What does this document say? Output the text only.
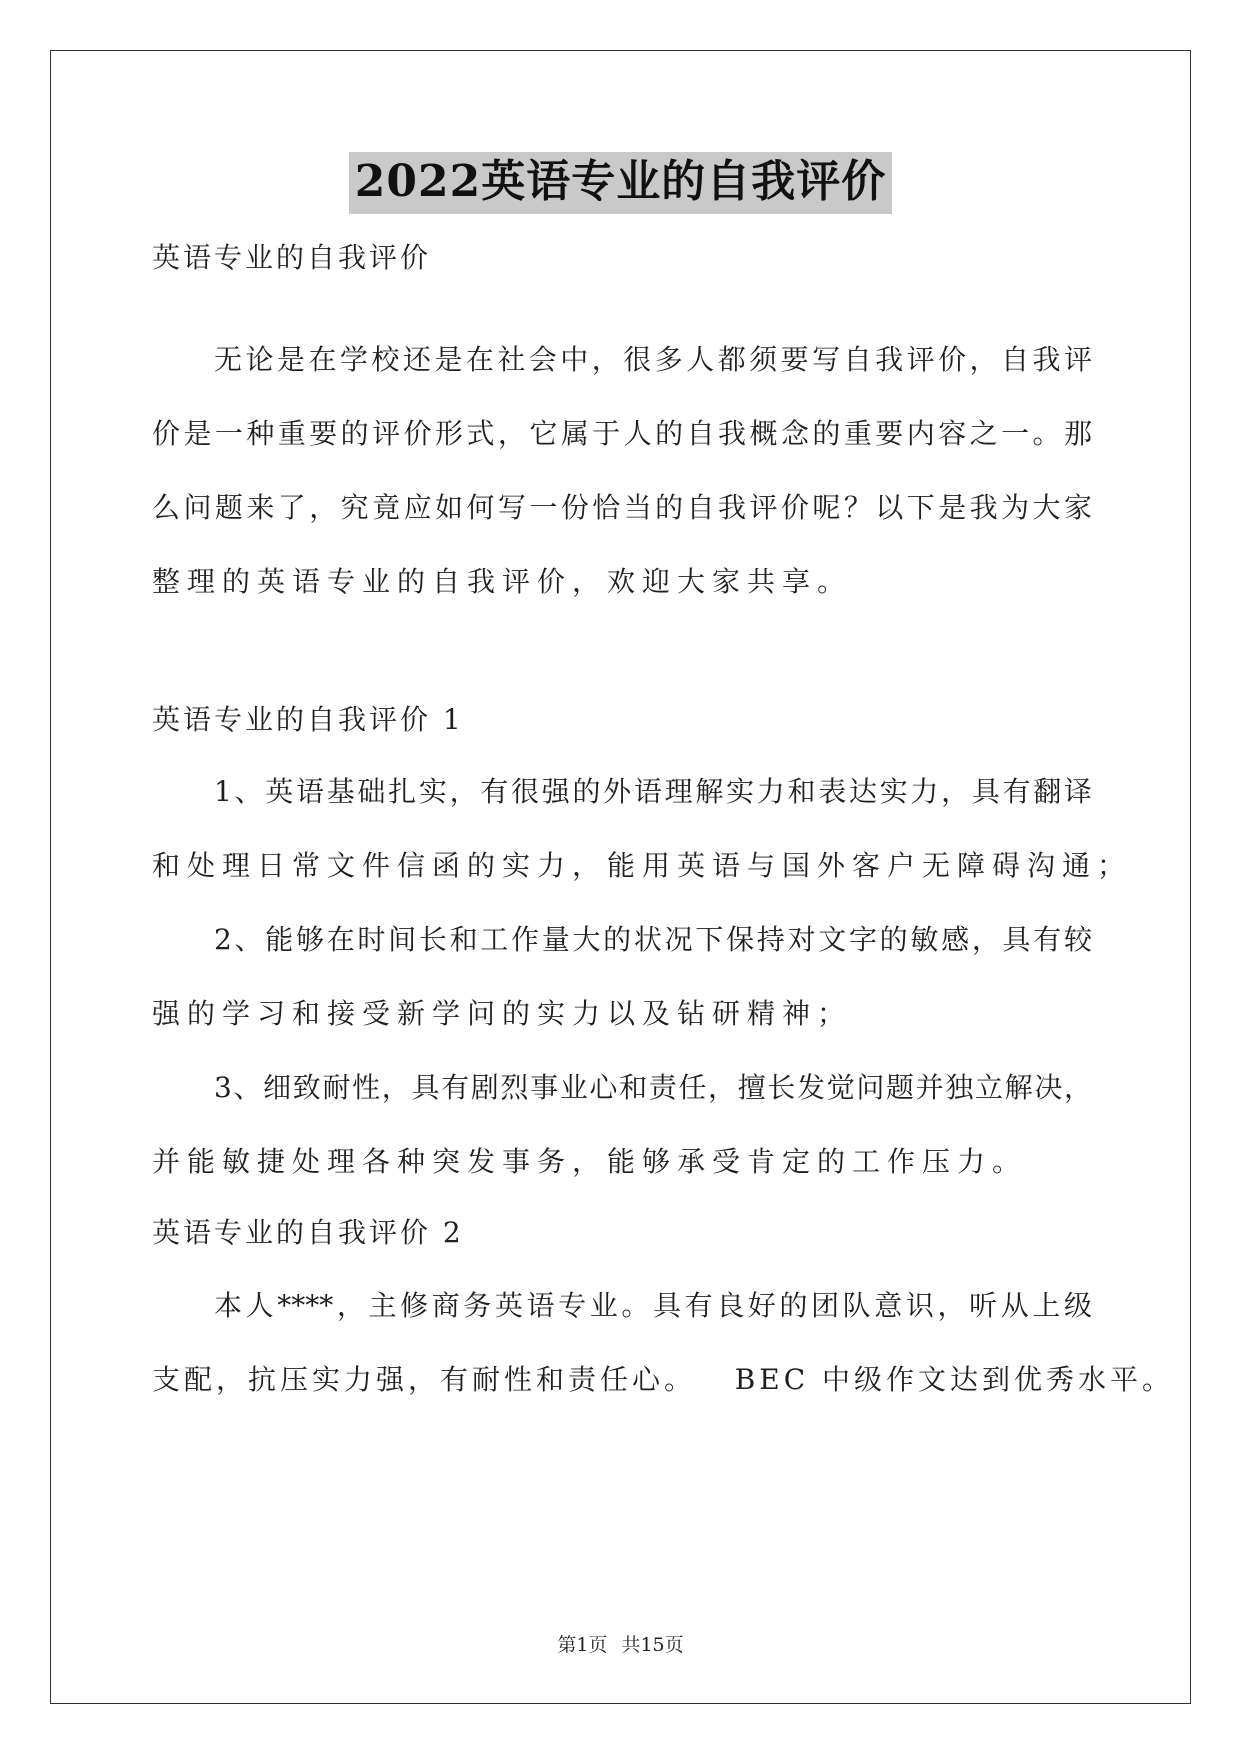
2022英语专业的自我评价
英语专业的自我评价
无论是在学校还是在社会中，很多人都须要写自我评价，自我评
价是一种重要的评价形式，它属于人的自我概念的重要内容之一。那
么问题来了，究竟应如何写一份恰当的自我评价呢？以下是我为大家
整理的英语专业的自我评价，欢迎大家共享。
英语专业的自我评价 1
1、英语基础扎实，有很强的外语理解实力和表达实力，具有翻译
和处理日常文件信函的实力，能用英语与国外客户无障碍沟通；
2、能够在时间长和工作量大的状况下保持对文字的敏感，具有较
强的学习和接受新学问的实力以及钻研精神；
3、细致耐性，具有剧烈事业心和责任，擅长发觉问题并独立解决，
并能敏捷处理各种突发事务，能够承受肯定的工作压力。
英语专业的自我评价 2
本人****，主修商务英语专业。具有良好的团队意识，听从上级
支配，抗压实力强，有耐性和责任心。   BEC 中级作文达到优秀水平。
第1页 共15页
